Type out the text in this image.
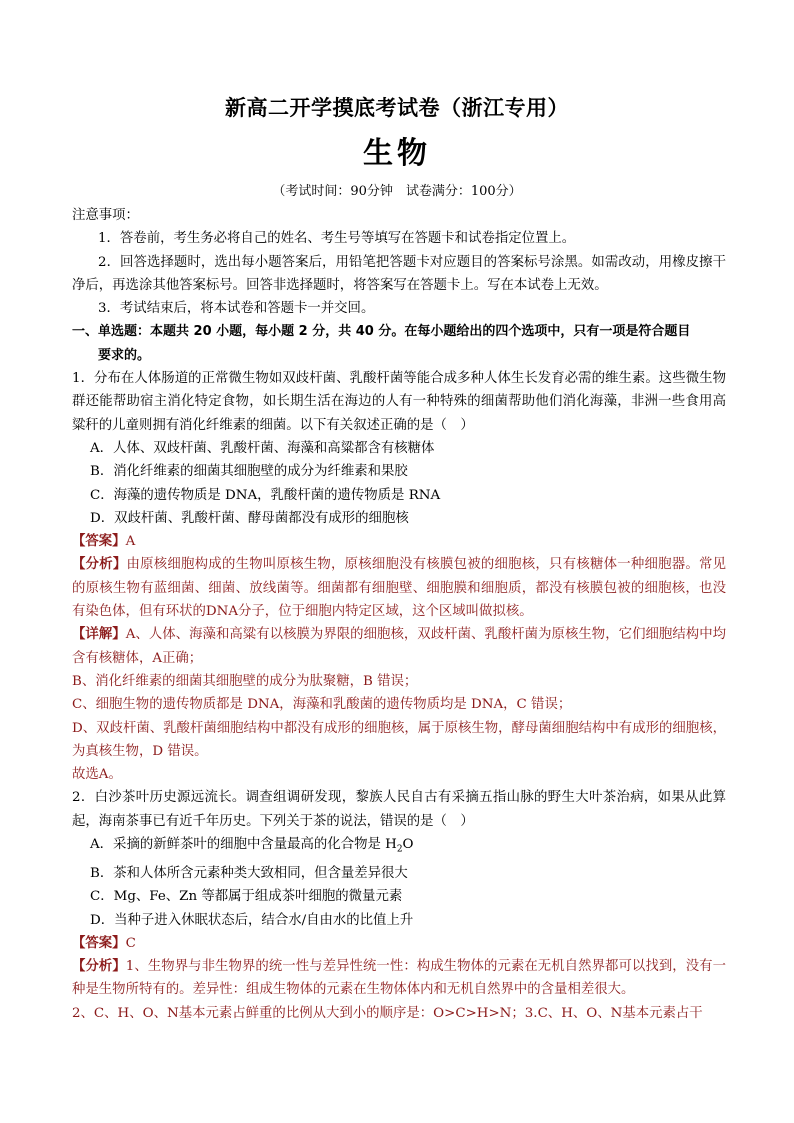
新高二开学摸底考试卷（浙江专用）
生物
（考试时间：90分钟　试卷满分：100分）

注意事项：

1．答卷前，考生务必将自己的姓名、考生号等填写在答题卡和试卷指定位置上。

2．回答选择题时，选出每小题答案后，用铅笔把答题卡对应题目的答案标号涂黑。如需改动，用橡皮擦干净后，再选涂其他答案标号。回答非选择题时，将答案写在答题卡上。写在本试卷上无效。

3．考试结束后，将本试卷和答题卡一并交回。

一、单选题：本题共 20 小题，每小题 2 分，共 40 分。在每小题给出的四个选项中，只有一项是符合题目

要求的。

1．分布在人体肠道的正常微生物如双歧杆菌、乳酸杆菌等能合成多种人体生长发育必需的维生素。这些微生物群还能帮助宿主消化特定食物，如长期生活在海边的人有一种特殊的细菌帮助他们消化海藻，非洲一些食用高粱秆的儿童则拥有消化纤维素的细菌。以下有关叙述正确的是（　）

A．人体、双歧杆菌、乳酸杆菌、海藻和高粱都含有核糖体

B．消化纤维素的细菌其细胞壁的成分为纤维素和果胶

C．海藻的遗传物质是 DNA，乳酸杆菌的遗传物质是 RNA

D．双歧杆菌、乳酸杆菌、酵母菌都没有成形的细胞核

【答案】A

【分析】由原核细胞构成的生物叫原核生物，原核细胞没有核膜包被的细胞核，只有核糖体一种细胞器。常见的原核生物有蓝细菌、细菌、放线菌等。细菌都有细胞壁、细胞膜和细胞质，都没有核膜包被的细胞核，也没有染色体，但有环状的DNA分子，位于细胞内特定区域，这个区域叫做拟核。

【详解】A、人体、海藻和高粱有以核膜为界限的细胞核，双歧杆菌、乳酸杆菌为原核生物，它们细胞结构中均含有核糖体，A正确；

B、消化纤维素的细菌其细胞壁的成分为肽聚糖，B 错误；

C、细胞生物的遗传物质都是 DNA，海藻和乳酸菌的遗传物质均是 DNA，C 错误；

D、双歧杆菌、乳酸杆菌细胞结构中都没有成形的细胞核，属于原核生物，酵母菌细胞结构中有成形的细胞核，为真核生物，D 错误。

故选A。

2．白沙茶叶历史源远流长。调查组调研发现，黎族人民自古有采摘五指山脉的野生大叶茶治病，如果从此算起，海南茶事已有近千年历史。下列关于茶的说法，错误的是（　）

A．采摘的新鲜茶叶的细胞中含量最高的化合物是 $H_2O$

B．茶和人体所含元素种类大致相同，但含量差异很大

C．Mg、Fe、Zn 等都属于组成茶叶细胞的微量元素

D．当种子进入休眠状态后，结合水/自由水的比值上升

【答案】C

【分析】1、生物界与非生物界的统一性与差异性统一性：构成生物体的元素在无机自然界都可以找到，没有一种是生物所特有的。差异性：组成生物体的元素在生物体体内和无机自然界中的含量相差很大。

2、C、H、O、N基本元素占鲜重的比例从大到小的顺序是：O>C>H>N；3.C、H、O、N基本元素占干
